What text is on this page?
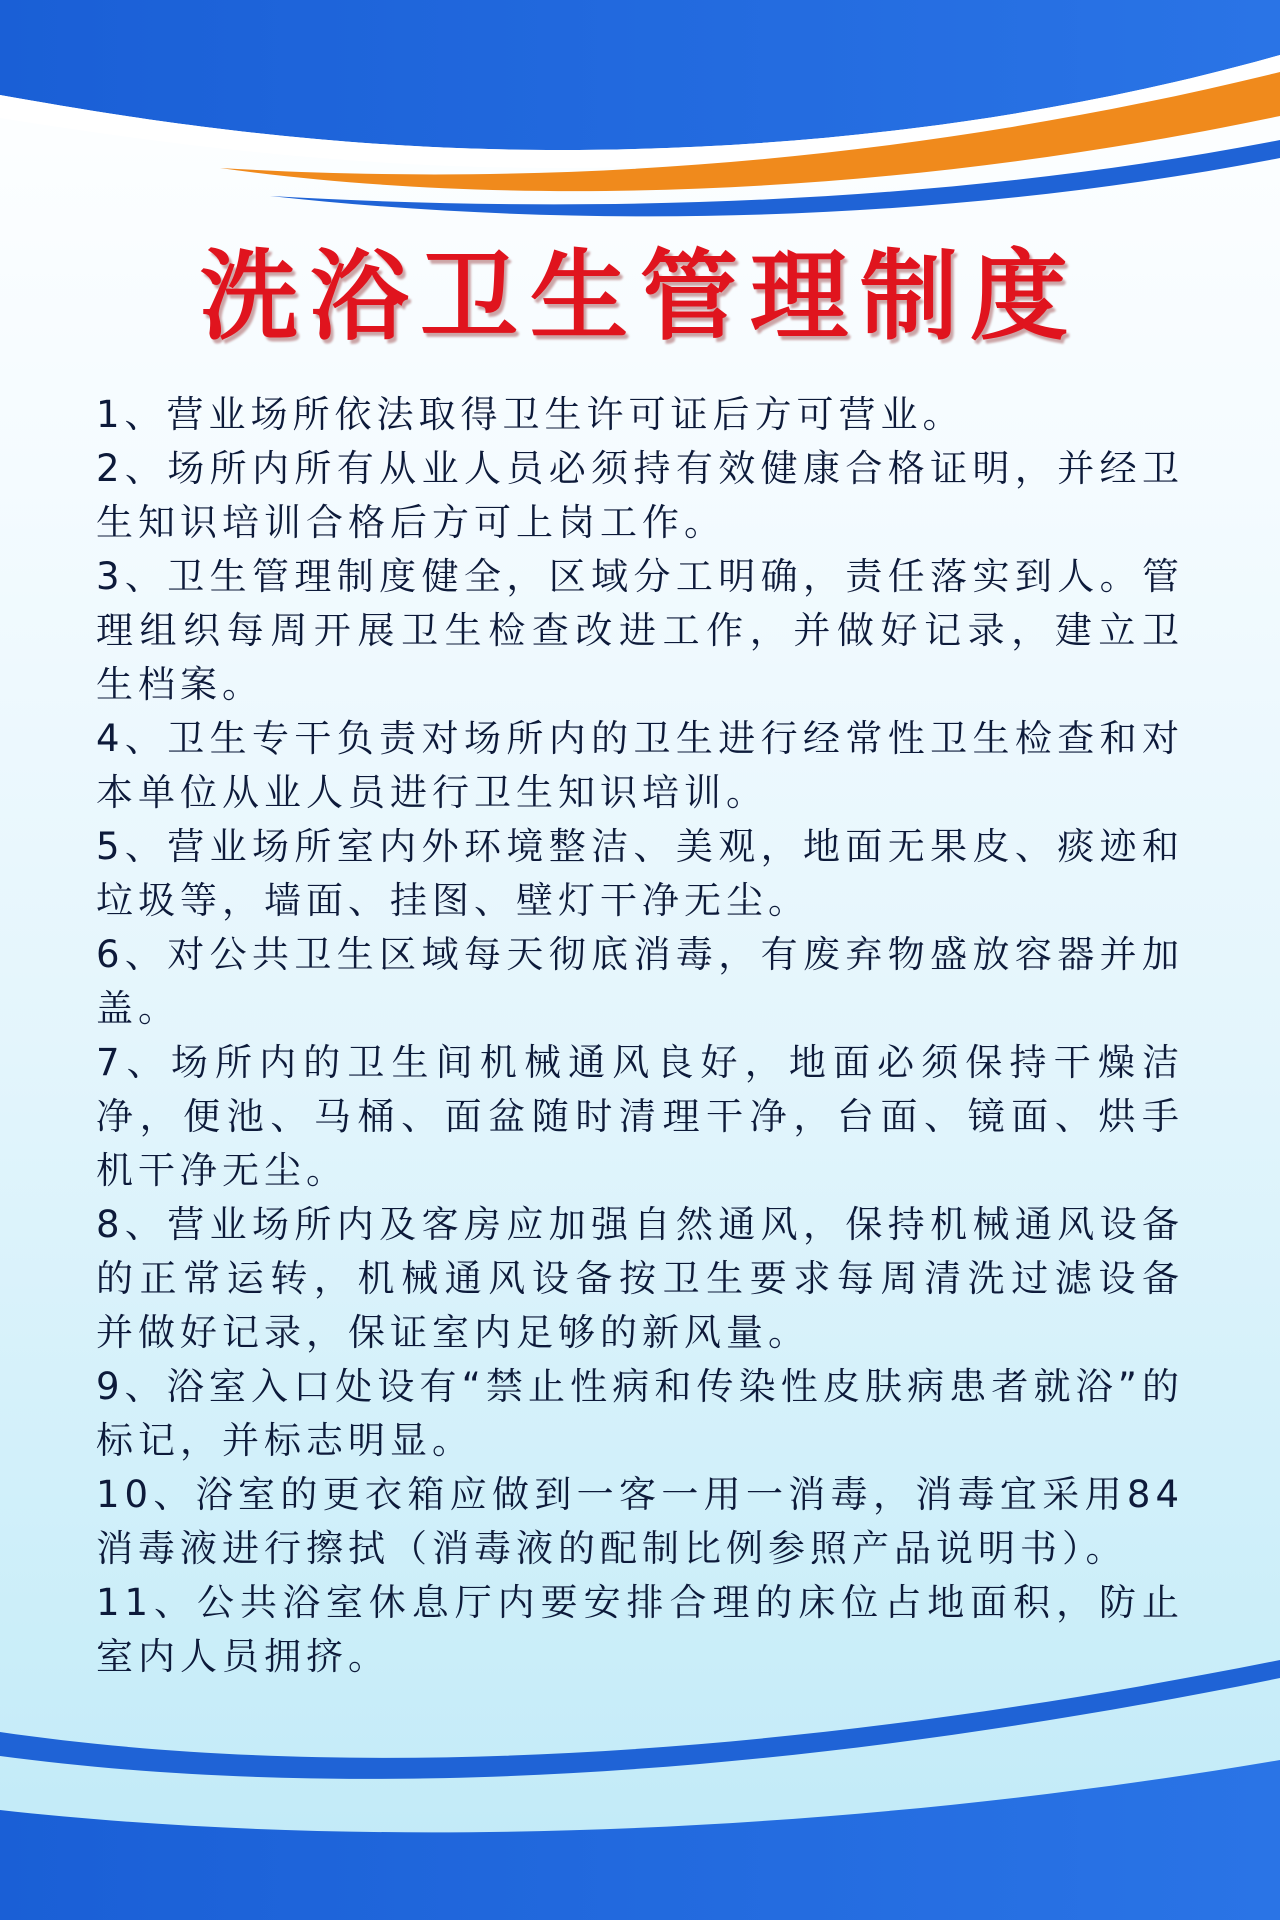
洗浴卫生管理制度
1、营业场所依法取得卫生许可证后方可营业。
2、场所内所有从业人员必须持有效健康合格证明，并经卫生知识培训合格后方可上岗工作。
3、卫生管理制度健全，区域分工明确，责任落实到人。管理组织每周开展卫生检查改进工作，并做好记录，建立卫生档案。
4、卫生专干负责对场所内的卫生进行经常性卫生检查和对本单位从业人员进行卫生知识培训。
5、营业场所室内外环境整洁、美观，地面无果皮、痰迹和垃圾等，墙面、挂图、壁灯干净无尘。
6、对公共卫生区域每天彻底消毒，有废弃物盛放容器并加盖。
7、场所内的卫生间机械通风良好，地面必须保持干燥洁净，便池、马桶、面盆随时清理干净，台面、镜面、烘手机干净无尘。
8、营业场所内及客房应加强自然通风，保持机械通风设备的正常运转，机械通风设备按卫生要求每周清洗过滤设备并做好记录，保证室内足够的新风量。
9、浴室入口处设有“禁止性病和传染性皮肤病患者就浴”的标记，并标志明显。
10、浴室的更衣箱应做到一客一用一消毒，消毒宜采用84消毒液进行擦拭（消毒液的配制比例参照产品说明书）。
11、公共浴室休息厅内要安排合理的床位占地面积，防止室内人员拥挤。
